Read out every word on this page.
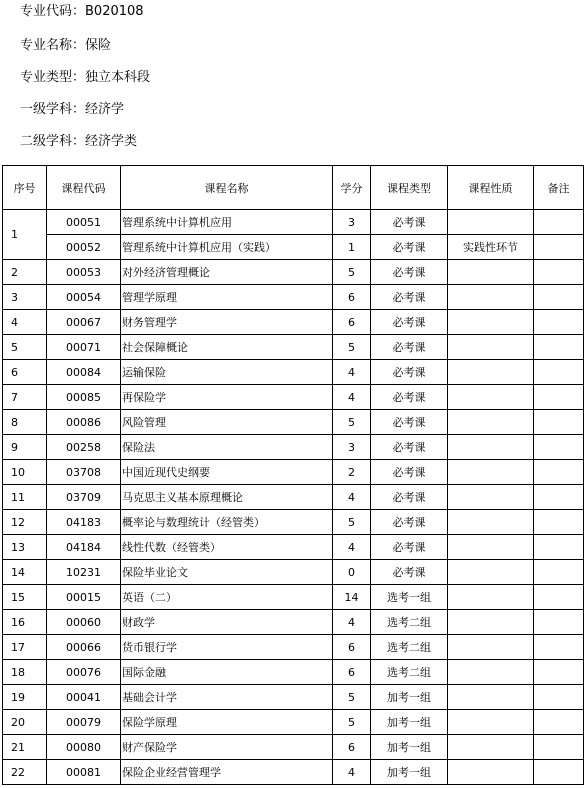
专业代码：B020108
专业名称：保险
专业类型：独立本科段
一级学科：经济学
二级学科：经济学类
序号	课程代码	课程名称	学分	课程类型	课程性质	备注
1	00051	管理系统中计算机应用	3	必考课		
	00052	管理系统中计算机应用（实践）	1	必考课	实践性环节	
2	00053	对外经济管理概论	5	必考课		
3	00054	管理学原理	6	必考课		
4	00067	财务管理学	6	必考课		
5	00071	社会保障概论	5	必考课		
6	00084	运输保险	4	必考课		
7	00085	再保险学	4	必考课		
8	00086	风险管理	5	必考课		
9	00258	保险法	3	必考课		
10	03708	中国近现代史纲要	2	必考课		
11	03709	马克思主义基本原理概论	4	必考课		
12	04183	概率论与数理统计（经管类）	5	必考课		
13	04184	线性代数（经管类）	4	必考课		
14	10231	保险毕业论文	0	必考课		
15	00015	英语（二）	14	选考一组		
16	00060	财政学	4	选考二组		
17	00066	货币银行学	6	选考二组		
18	00076	国际金融	6	选考二组		
19	00041	基础会计学	5	加考一组		
20	00079	保险学原理	5	加考一组		
21	00080	财产保险学	6	加考一组		
22	00081	保险企业经营管理学	4	加考一组		
